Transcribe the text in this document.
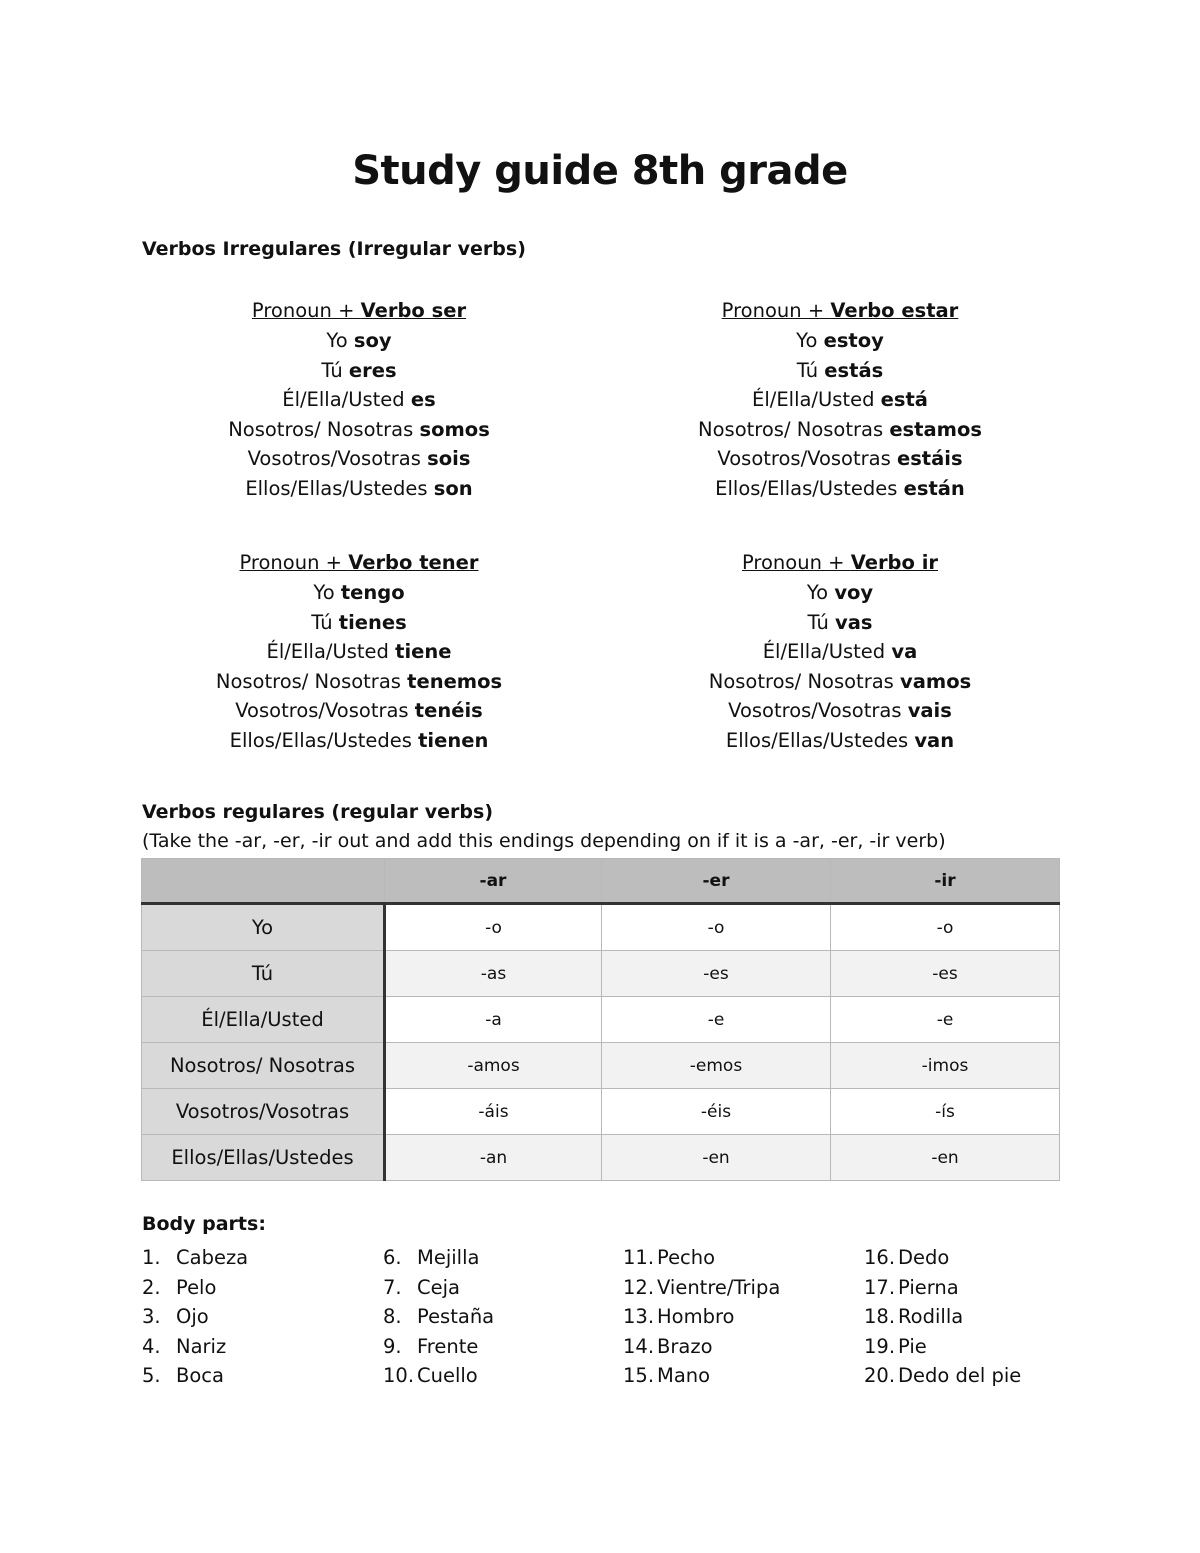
Study guide 8th grade
Verbos Irregulares (Irregular verbs)
Pronoun + Verbo ser
Yo soy
Tú eres
Él/Ella/Usted es
Nosotros/ Nosotras somos
Vosotros/Vosotras sois
Ellos/Ellas/Ustedes son
Pronoun + Verbo estar
Yo estoy
Tú estás
Él/Ella/Usted está
Nosotros/ Nosotras estamos
Vosotros/Vosotras estáis
Ellos/Ellas/Ustedes están
Pronoun + Verbo tener
Yo tengo
Tú tienes
Él/Ella/Usted tiene
Nosotros/ Nosotras tenemos
Vosotros/Vosotras tenéis
Ellos/Ellas/Ustedes tienen
Pronoun + Verbo ir
Yo voy
Tú vas
Él/Ella/Usted va
Nosotros/ Nosotras vamos
Vosotros/Vosotras vais
Ellos/Ellas/Ustedes van
Verbos regulares (regular verbs)
(Take the -ar, -er, -ir out and add this endings depending on if it is a -ar, -er, -ir verb)
	-ar	-er	-ir
Yo	-o	-o	-o
Tú	-as	-es	-es
Él/Ella/Usted	-a	-e	-e
Nosotros/ Nosotras	-amos	-emos	-imos
Vosotros/Vosotras	-áis	-éis	-ís
Ellos/Ellas/Ustedes	-an	-en	-en
Body parts:
1. Cabeza
2. Pelo
3. Ojo
4. Nariz
5. Boca
6. Mejilla
7. Ceja
8. Pestaña
9. Frente
10. Cuello
11. Pecho
12. Vientre/Tripa
13. Hombro
14. Brazo
15. Mano
16. Dedo
17. Pierna
18. Rodilla
19. Pie
20. Dedo del pie
